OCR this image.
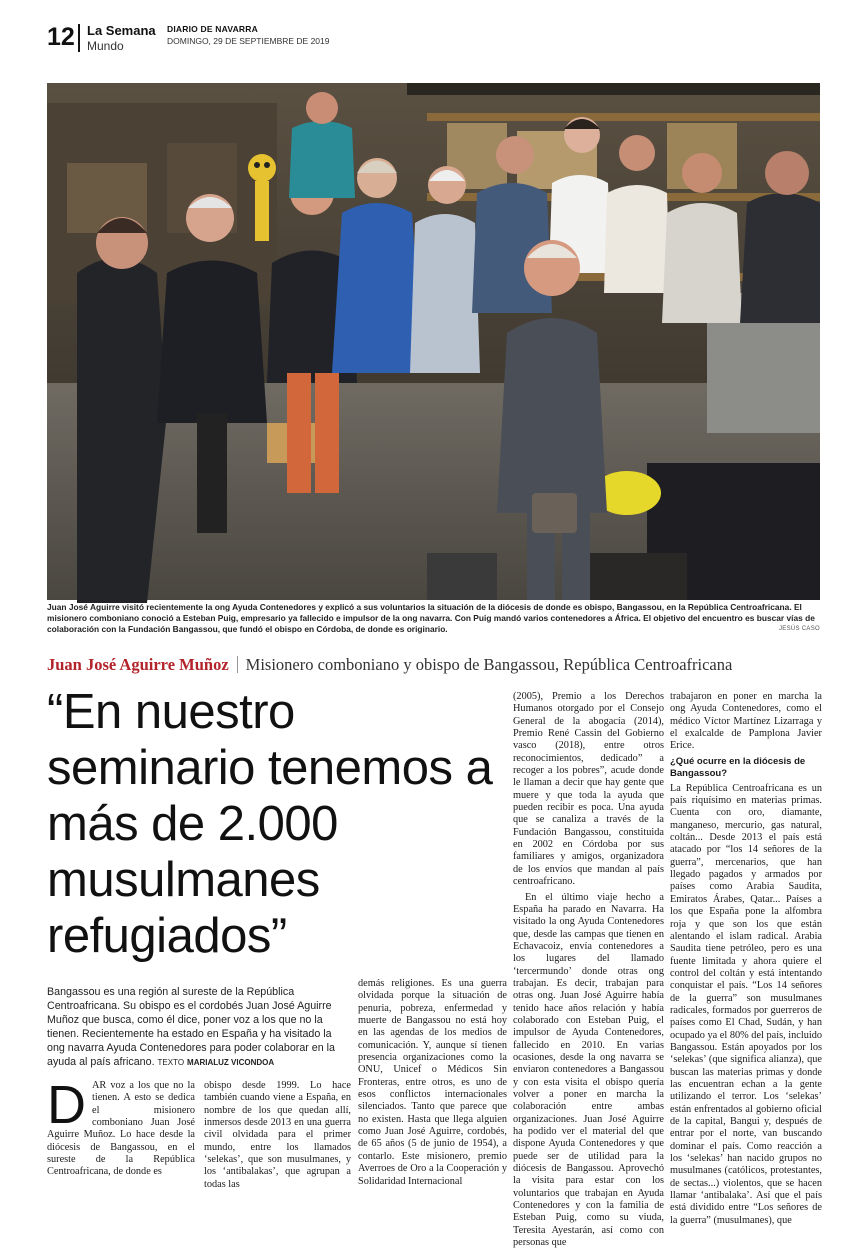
12 La Semana
Mundo
DIARIO DE NAVARRA
DOMINGO, 29 DE SEPTIEMBRE DE 2019
Juan José Aguirre visitó recientemente la ong Ayuda Contenedores y explicó a sus voluntarios la situación de la diócesis de donde es obispo, Bangassou, en la República Centroafricana. El misionero comboniano conoció a Esteban Puig, empresario ya fallecido e impulsor de la ong navarra. Con Puig mandó varios contenedores a África. El objetivo del encuentro es buscar vías de colaboración con la Fundación Bangassou, que fundó el obispo en Córdoba, de donde es originario.	JESÚS CASO
Juan José Aguirre Muñoz Misionero comboniano y obispo de Bangassou, República Centroafricana
“En nuestro seminario tenemos a más de 2.000 musulmanes refugiados”
Bangassou es una región al sureste de la República Centroafricana. Su obispo es el cordobés Juan José Aguirre Muñoz que busca, como él dice, poner voz a los que no la tienen. Recientemente ha estado en España y ha visitado la ong navarra Ayuda Contenedores para poder colaborar en la ayuda al país africano. TEXTO MARIALUZ VICONDOA
D AR voz a los que no la tienen. A esto se dedica el misionero comboniano Juan José Aguirre Muñoz. Lo hace desde la diócesis de Bangassou, en el sureste de la República Centroafricana, de donde es

obispo desde 1999. Lo hace también cuando viene a España, en nombre de los que quedan allí, inmersos desde 2013 en una guerra civil olvidada para el primer mundo, entre los llamados ‘selekas’, que son musulmanes, y los ‘antibalakas’, que agrupan a todas las

demás religiones. Es una guerra olvidada porque la situación de penuria, pobreza, enfermedad y muerte de Bangassou no está hoy en las agendas de los medios de comunicación. Y, aunque sí tienen presencia organizaciones como la ONU, Unicef o Médicos Sin Fronteras, entre otros, es uno de esos conflictos internacionales silenciados. Tanto que parece que no existen. Hasta que llega alguien como Juan José Aguirre, cordobés, de 65 años (5 de junio de 1954), a contarlo. Este misionero, premio Averroes de Oro a la Cooperación y Solidaridad Internacional

(2005), Premio a los Derechos Humanos otorgado por el Consejo General de la abogacía (2014), Premio René Cassin del Gobierno vasco (2018), entre otros reconocimientos, dedicado” a recoger a los pobres”, acude donde le llaman a decir que hay gente que muere y que toda la ayuda que pueden recibir es poca. Una ayuda que se canaliza a través de la Fundación Bangassou, constituida en 2002 en Córdoba por sus familiares y amigos, organizadora de los envíos que mandan al país centroafricano.

En el último viaje hecho a España ha parado en Navarra. Ha visitado la ong Ayuda Contenedores que, desde las campas que tienen en Echavacoiz, envía contenedores a los lugares del llamado ‘tercermundo’ donde otras ong trabajan. Es decir, trabajan para otras ong. Juan José Aguirre había tenido hace años relación y había colaborado con Esteban Puig, el impulsor de Ayuda Contenedores, fallecido en 2010. En varias ocasiones, desde la ong navarra se enviaron contenedores a Bangassou y con esta visita el obispo quería volver a poner en marcha la colaboración entre ambas organizaciones. Juan José Aguirre ha podido ver el material del que dispone Ayuda Contenedores y que puede ser de utilidad para la diócesis de Bangassou. Aprovechó la visita para estar con los voluntarios que trabajan en Ayuda Contenedores y con la familia de Esteban Puig, como su viuda, Teresita Ayestarán, así como con personas que

trabajaron en poner en marcha la ong Ayuda Contenedores, como el médico Víctor Martínez Lizarraga y el exalcalde de Pamplona Javier Erice.

¿Qué ocurre en la diócesis de Bangassou?

La República Centroafricana es un país riquísimo en materias primas. Cuenta con oro, diamante, manganeso, mercurio, gas natural, coltán... Desde 2013 el país está atacado por “los 14 señores de la guerra”, mercenarios, que han llegado pagados y armados por países como Arabia Saudita, Emiratos Árabes, Qatar... Países a los que España pone la alfombra roja y que son los que están alentando el islam radical. Arabia Saudita tiene petróleo, pero es una fuente limitada y ahora quiere el control del coltán y está intentando conquistar el país. “Los 14 señores de la guerra” son musulmanes radicales, formados por guerreros de países como El Chad, Sudán, y han ocupado ya el 80% del país, incluido Bangassou. Están apoyados por los ‘selekas’ (que significa alianza), que buscan las materias primas y donde las encuentran echan a la gente utilizando el terror. Los ‘selekas’ están enfrentados al gobierno oficial de la capital, Bangui y, después de entrar por el norte, van buscando dominar el país. Como reacción a los ‘selekas’ han nacido grupos no musulmanes (católicos, protestantes, de sectas...) violentos, que se hacen llamar ‘antibalaka’. Así que el país está dividido entre “Los señores de la guerra” (musulmanes), que
